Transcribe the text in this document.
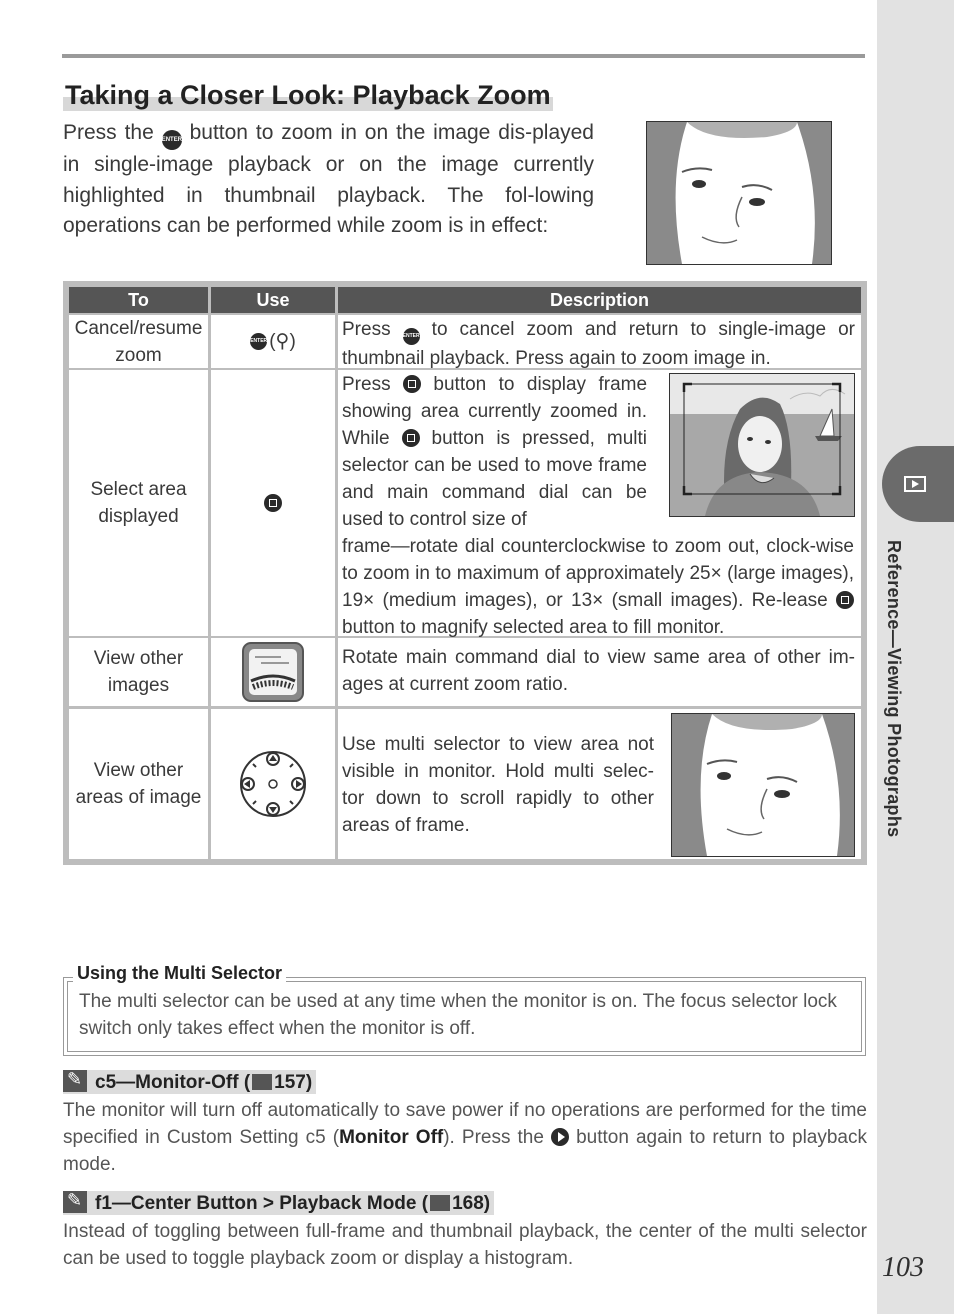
Reference—Viewing Photographs
103
Taking a Closer Look: Playback Zoom
Press the ENTER button to zoom in on the image dis-played in single-image playback or on the image currently highlighted in thumbnail playback. The fol-lowing operations can be performed while zoom is in effect:
To	Use	Description
Cancel/resume zoom
ENTER (⚲)
Press ENTER to cancel zoom and return to single-image or thumbnail playback. Press again to zoom image in.
Select area displayed
Press button to display frame showing area currently zoomed in. While button is pressed, multi selector can be used to move frame and main command dial can be used to control size of
frame—rotate dial counterclockwise to zoom out, clock-wise to zoom in to maximum of approximately 25× (large images), 19× (medium images), or 13× (small images). Re-lease  button to magnify selected area to fill monitor.
View other images
Rotate main command dial to view same area of other im-ages at current zoom ratio.
View other areas of image
Use multi selector to view area not visible in monitor. Hold multi selec-tor down to scroll rapidly to other areas of frame.
Using the Multi Selector
The multi selector can be used at any time when the monitor is on. The focus selector lock switch only takes effect when the monitor is off.
✎c5—Monitor-Off ( 157)
The monitor will turn off automatically to save power if no operations are performed for the time specified in Custom Setting c5 (Monitor Off). Press the button again to return to playback mode.
✎f1—Center Button > Playback Mode ( 168)
Instead of toggling between full-frame and thumbnail playback, the center of the multi selector can be used to toggle playback zoom or display a histogram.
